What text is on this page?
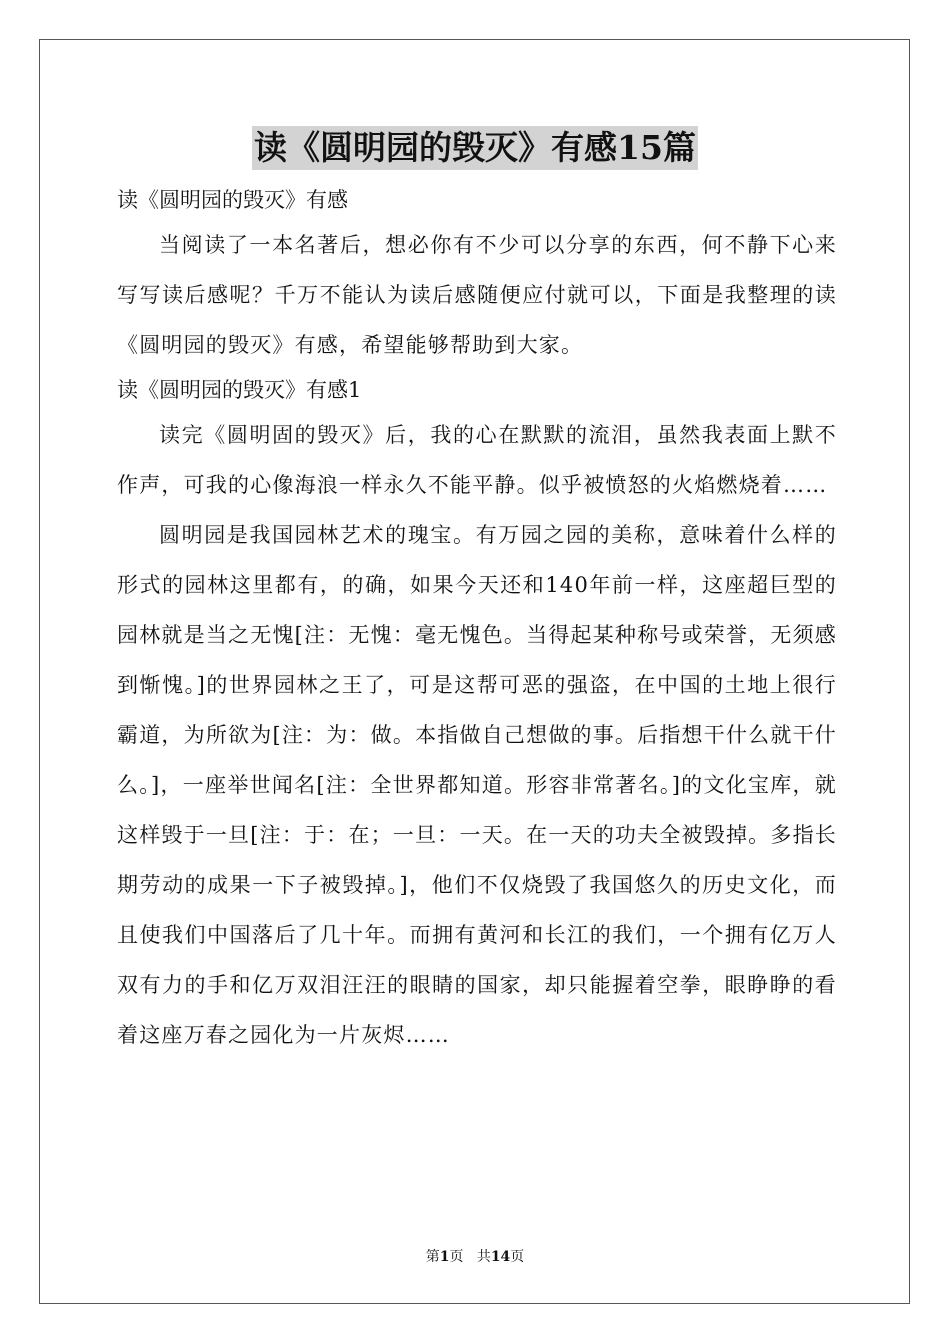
读《圆明园的毁灭》有感15篇

读《圆明园的毁灭》有感

当阅读了一本名著后，想必你有不少可以分享的东西，何不静下心来写写读后感呢？千万不能认为读后感随便应付就可以，下面是我整理的读《圆明园的毁灭》有感，希望能够帮助到大家。

读《圆明园的毁灭》有感1

读完《圆明固的毁灭》后，我的心在默默的流泪，虽然我表面上默不作声，可我的心像海浪一样永久不能平静。似乎被愤怒的火焰燃烧着……

圆明园是我国园林艺术的瑰宝。有万园之园的美称，意味着什么样的形式的园林这里都有，的确，如果今天还和140年前一样，这座超巨型的园林就是当之无愧[注：无愧：毫无愧色。当得起某种称号或荣誉，无须感到惭愧。]的世界园林之王了，可是这帮可恶的强盗，在中国的土地上很行霸道，为所欲为[注：为：做。本指做自己想做的事。后指想干什么就干什么。]，一座举世闻名[注：全世界都知道。形容非常著名。]的文化宝库，就这样毁于一旦[注：于：在；一旦：一天。在一天的功夫全被毁掉。多指长期劳动的成果一下子被毁掉。]，他们不仅烧毁了我国悠久的历史文化，而且使我们中国落后了几十年。而拥有黄河和长江的我们，一个拥有亿万人双有力的手和亿万双泪汪汪的眼睛的国家，却只能握着空拳，眼睁睁的看着这座万春之园化为一片灰烬……

第1页 共14页
